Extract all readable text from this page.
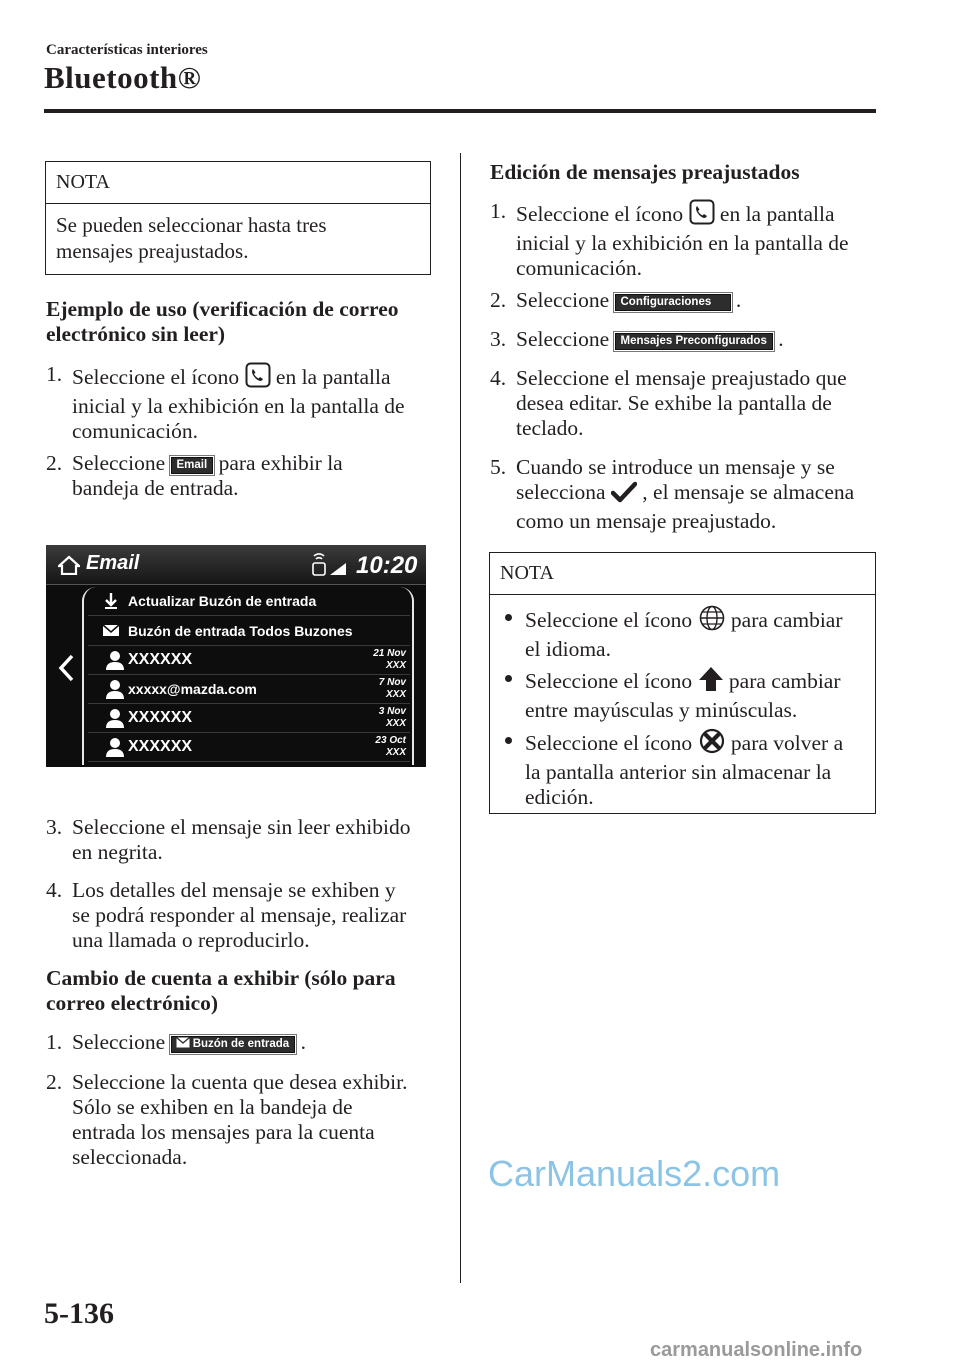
Características interiores
Bluetooth®
NOTA
Se pueden seleccionar hasta tres
mensajes preajustados.
Ejemplo de uso (verificación de correo
electrónico sin leer)
1. Seleccione el ícono en la pantalla
inicial y la exhibición en la pantalla de
comunicación.
2. Seleccione Email para exhibir la
bandeja de entrada.
Email	10:20
Actualizar Buzón de entrada
Buzón de entrada Todos Buzones
XXXXXX	21 Nov
XXX
xxxxx@mazda.com	7 Nov
XXX
XXXXXX	3 Nov
XXX
XXXXXX	23 Oct
XXX
3. Seleccione el mensaje sin leer exhibido
en negrita.
4. Los detalles del mensaje se exhiben y
se podrá responder al mensaje, realizar
una llamada o reproducirlo.
Cambio de cuenta a exhibir (sólo para
correo electrónico)
1. Seleccione Buzón de entrada .
2. Seleccione la cuenta que desea exhibir.
Sólo se exhiben en la bandeja de
entrada los mensajes para la cuenta
seleccionada.
Edición de mensajes preajustados
1. Seleccione el ícono en la pantalla
inicial y la exhibición en la pantalla de
comunicación.
2. Seleccione Configuraciones .
3. Seleccione Mensajes Preconfigurados .
4. Seleccione el mensaje preajustado que
desea editar. Se exhibe la pantalla de
teclado.
5. Cuando se introduce un mensaje y se
selecciona , el mensaje se almacena
como un mensaje preajustado.
NOTA
Seleccione el ícono para cambiar
el idioma.
Seleccione el ícono para cambiar
entre mayúsculas y minúsculas.
Seleccione el ícono para volver a
la pantalla anterior sin almacenar la
edición.
5-136
CarManuals2.com
carmanualsonline.info
